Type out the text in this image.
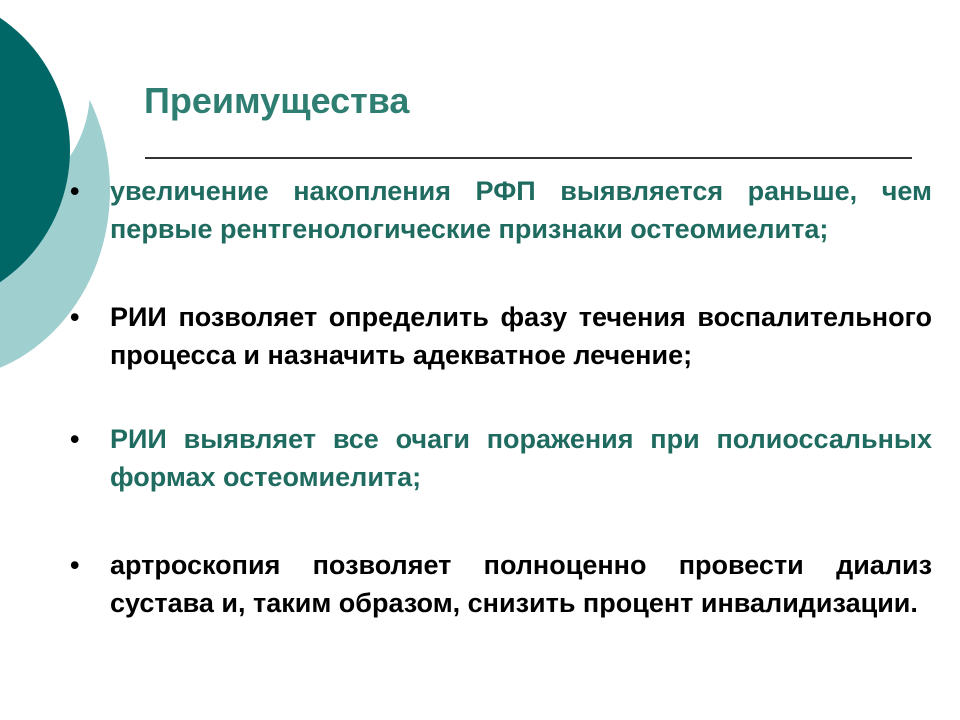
Преимущества
•	увеличение накопления РФП выявляется раньше, чем первые рентгенологические признаки остеомиелита;
•	РИИ позволяет определить фазу течения воспалительного процесса и назначить адекватное лечение;
•	РИИ выявляет все очаги поражения при полиоссальных формах остеомиелита;
•	артроскопия позволяет полноценно провести диализ сустава и, таким образом, снизить процент инвалидизации.
